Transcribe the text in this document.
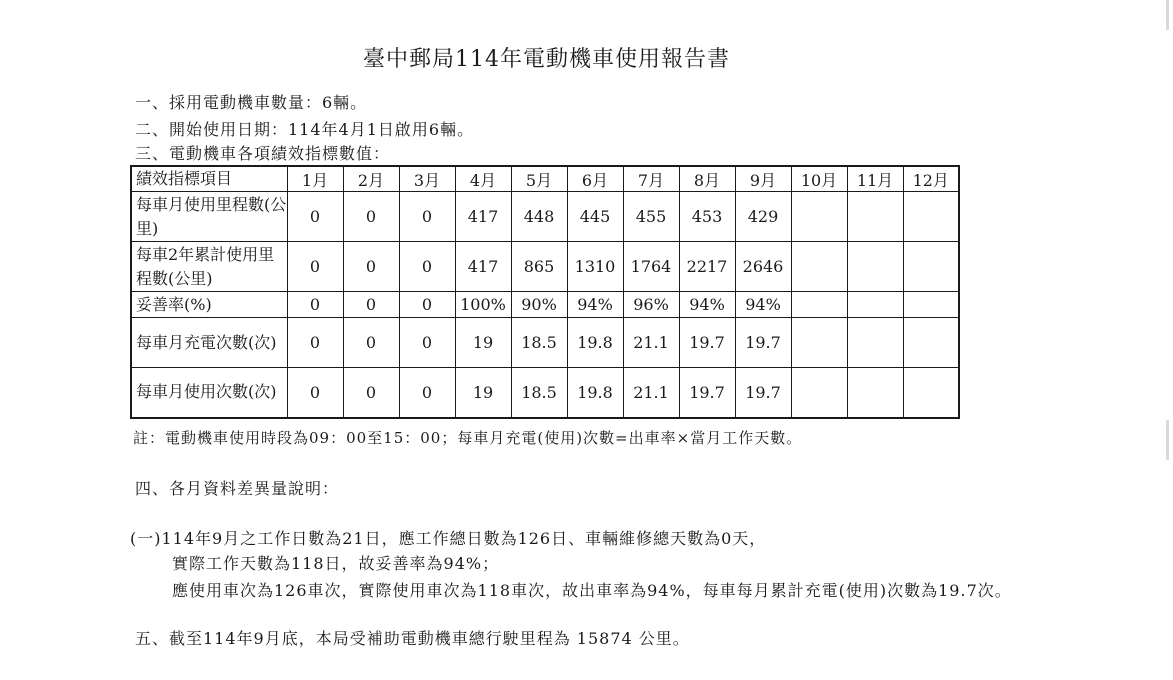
臺中郵局114年電動機車使用報告書
一、採用電動機車數量：6輛。
二、開始使用日期：114年4月1日啟用6輛。
三、電動機車各項績效指標數值：
績效指標項目	1月	2月	3月	4月	5月	6月	7月	8月	9月	10月	11月	12月
每車月使用里程數(公里)	0	0	0	417	448	445	455	453	429			
每車2年累計使用里程數(公里)	0	0	0	417	865	1310	1764	2217	2646			
妥善率(%)	0	0	0	100%	90%	94%	96%	94%	94%			
每車月充電次數(次)	0	0	0	19	18.5	19.8	21.1	19.7	19.7			
每車月使用次數(次)	0	0	0	19	18.5	19.8	21.1	19.7	19.7			
註：電動機車使用時段為09：00至15：00；每車月充電(使用)次數=出車率×當月工作天數。
四、各月資料差異量說明：
(一)114年9月之工作日數為21日，應工作總日數為126日、車輛維修總天數為0天，
實際工作天數為118日，故妥善率為94%；
應使用車次為126車次，實際使用車次為118車次，故出車率為94%，每車每月累計充電(使用)次數為19.7次。
五、截至114年9月底，本局受補助電動機車總行駛里程為 15874 公里。
